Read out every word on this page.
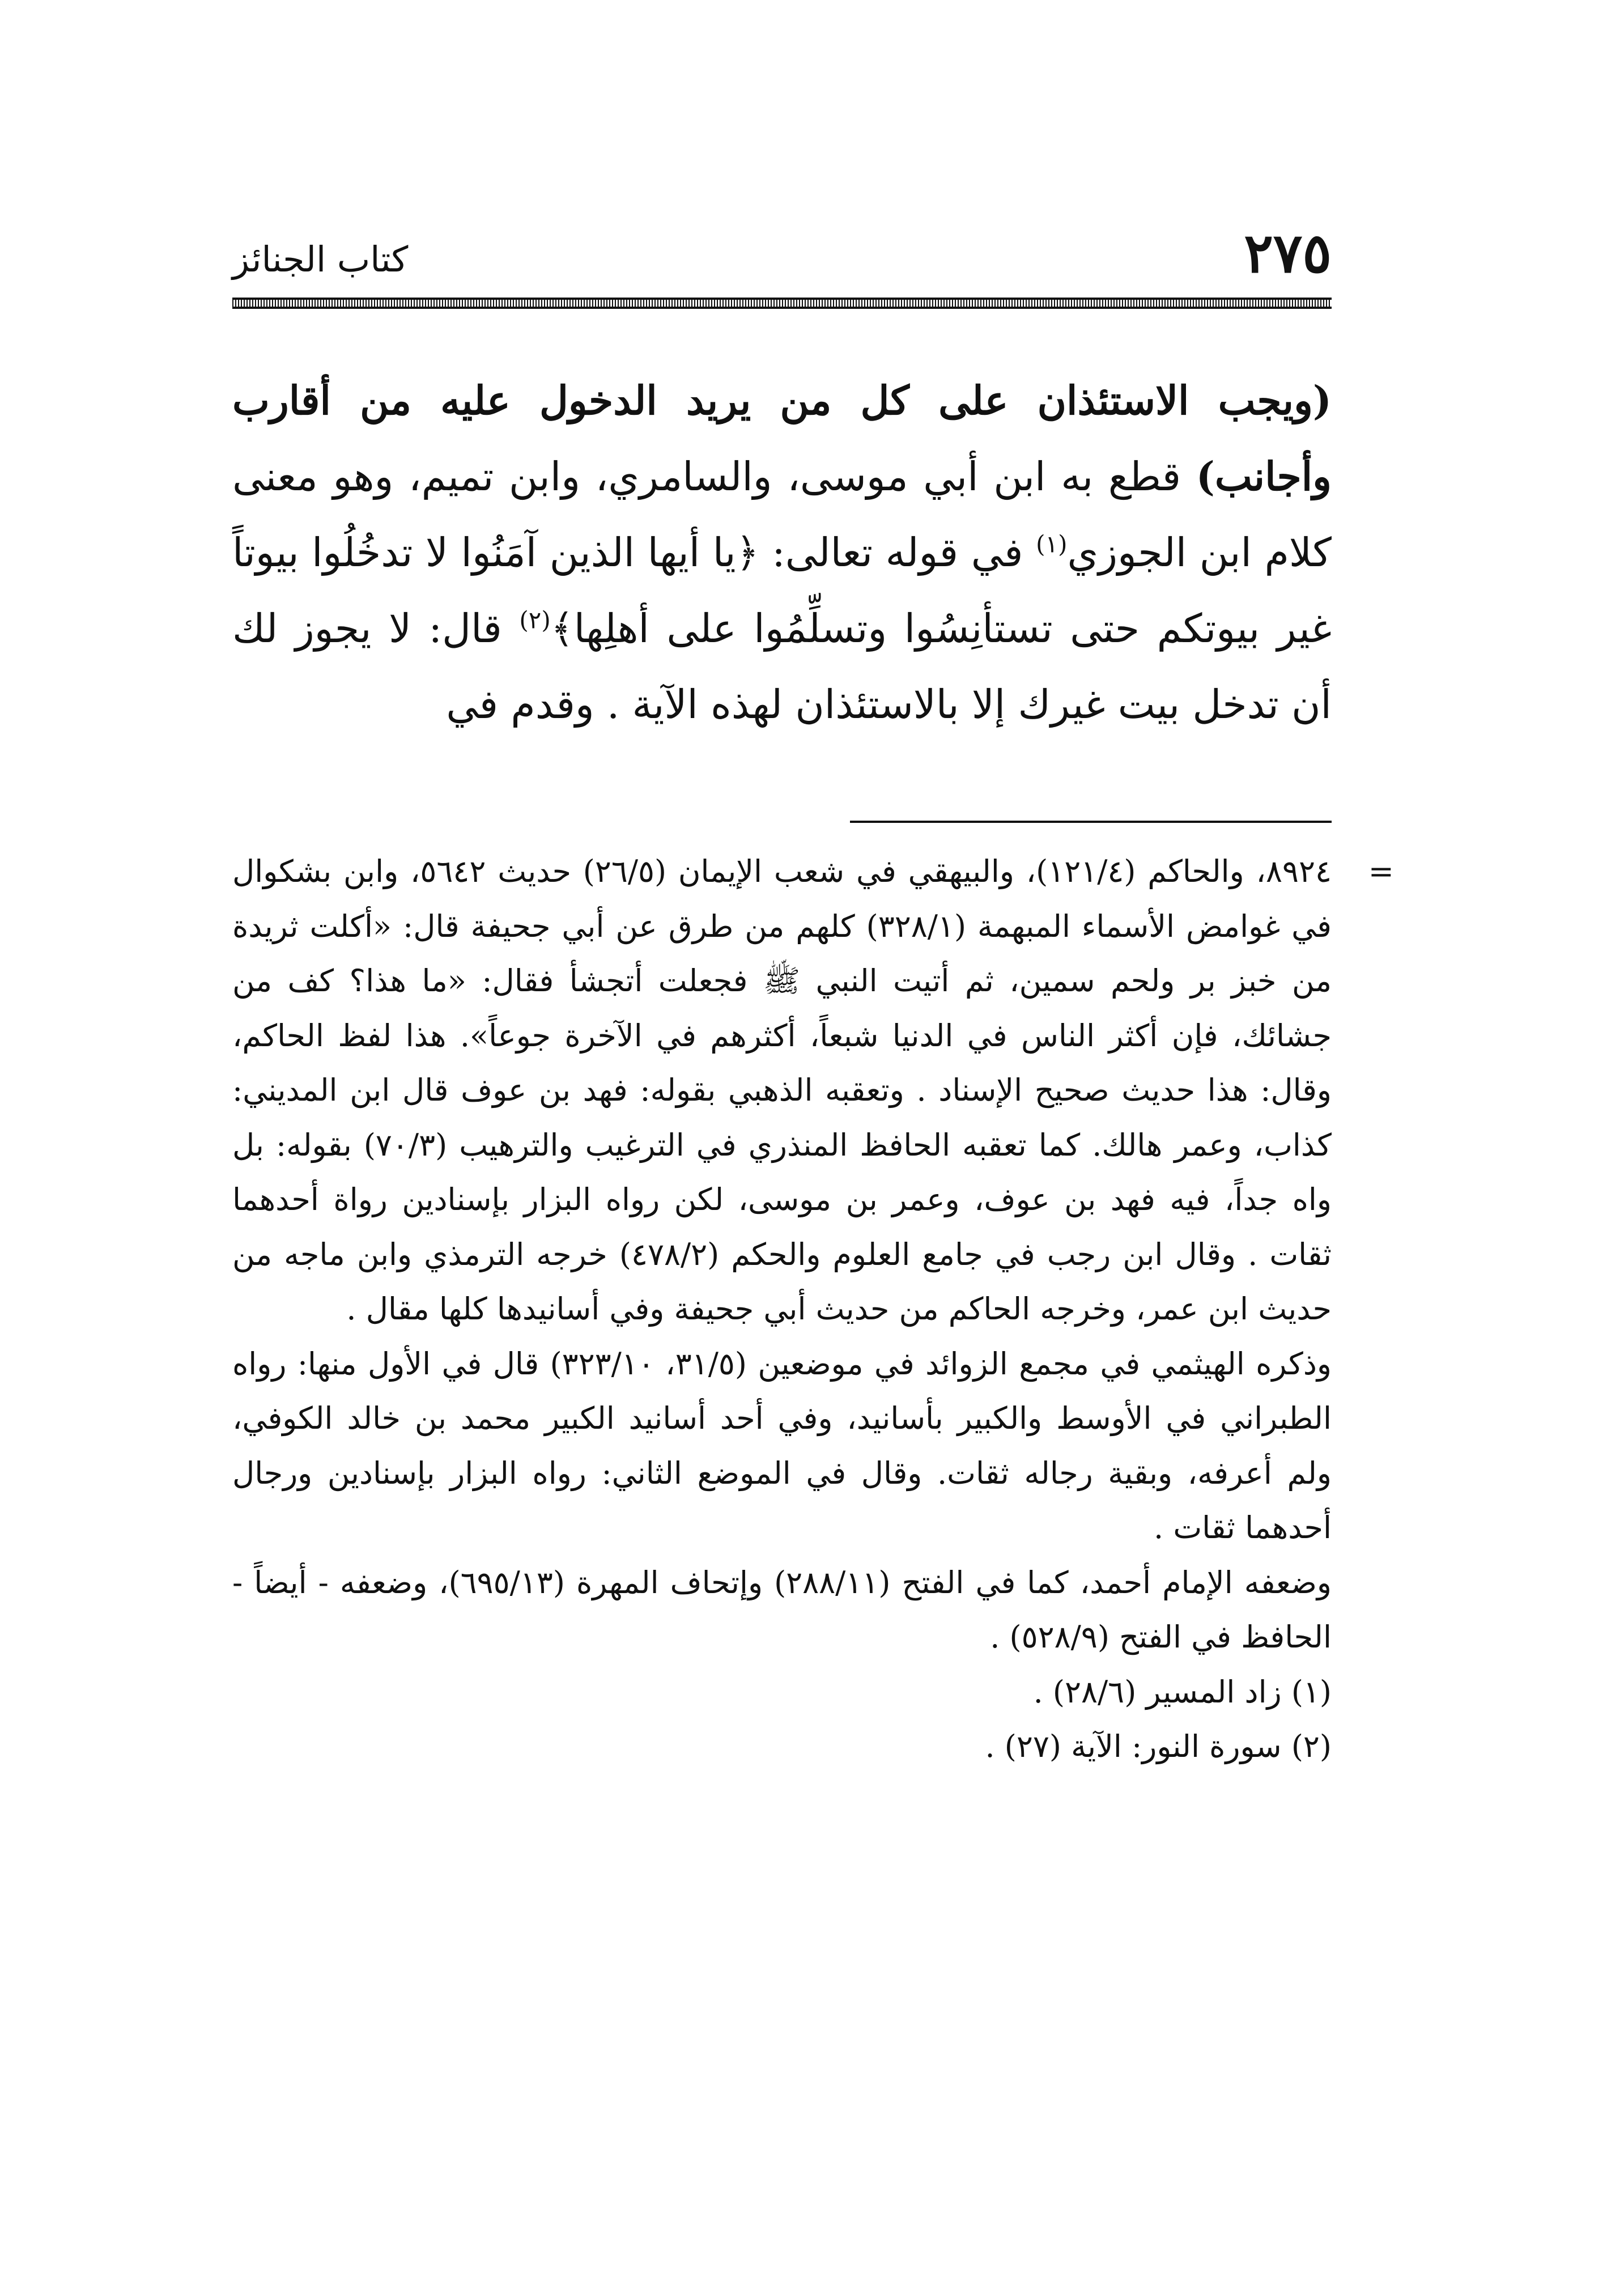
٢٧٥
كتاب الجنائز
(ويجب الاستئذان على كل من يريد الدخول عليه من أقارب وأجانب) قطع به ابن أبي موسى، والسامري، وابن تميم، وهو معنى كلام ابن الجوزي$^{(١)}$ في قوله تعالى: ﴿يا أيها الذين آمَنُوا لا تدخُلُوا بيوتاً غير بيوتكم حتى تستأنِسُوا وتسلِّمُوا على أهلِها﴾$^{(٢)}$ قال: لا يجوز لك أن تدخل بيت غيرك إلا بالاستئذان لهذه الآية . وقدم في
=
٨٩٢٤، والحاكم (١٢١/٤)، والبيهقي في شعب الإيمان (٢٦/٥) حديث ٥٦٤٢، وابن بشكوال في غوامض الأسماء المبهمة (٣٢٨/١) كلهم من طرق عن أبي جحيفة قال: «أكلت ثريدة من خبز بر ولحم سمين، ثم أتيت النبي ﷺ فجعلت أتجشأ فقال: «ما هذا؟ كف من جشائك، فإن أكثر الناس في الدنيا شبعاً، أكثرهم في الآخرة جوعاً». هذا لفظ الحاكم، وقال: هذا حديث صحيح الإسناد . وتعقبه الذهبي بقوله: فهد بن عوف قال ابن المديني: كذاب، وعمر هالك. كما تعقبه الحافظ المنذري في الترغيب والترهيب (٧٠/٣) بقوله: بل واه جداً، فيه فهد بن عوف، وعمر بن موسى، لكن رواه البزار بإسنادين رواة أحدهما ثقات . وقال ابن رجب في جامع العلوم والحكم (٤٧٨/٢) خرجه الترمذي وابن ماجه من حديث ابن عمر، وخرجه الحاكم من حديث أبي جحيفة وفي أسانيدها كلها مقال .
وذكره الهيثمي في مجمع الزوائد في موضعين (٣١/٥، ٣٢٣/١٠) قال في الأول منها: رواه الطبراني في الأوسط والكبير بأسانيد، وفي أحد أسانيد الكبير محمد بن خالد الكوفي، ولم أعرفه، وبقية رجاله ثقات. وقال في الموضع الثاني: رواه البزار بإسنادين ورجال أحدهما ثقات .
وضعفه الإمام أحمد، كما في الفتح (٢٨٨/١١) وإتحاف المهرة (٦٩٥/١٣)، وضعفه - أيضاً - الحافظ في الفتح (٥٢٨/٩) .
(١) زاد المسير (٢٨/٦) .
(٢) سورة النور: الآية (٢٧) .
